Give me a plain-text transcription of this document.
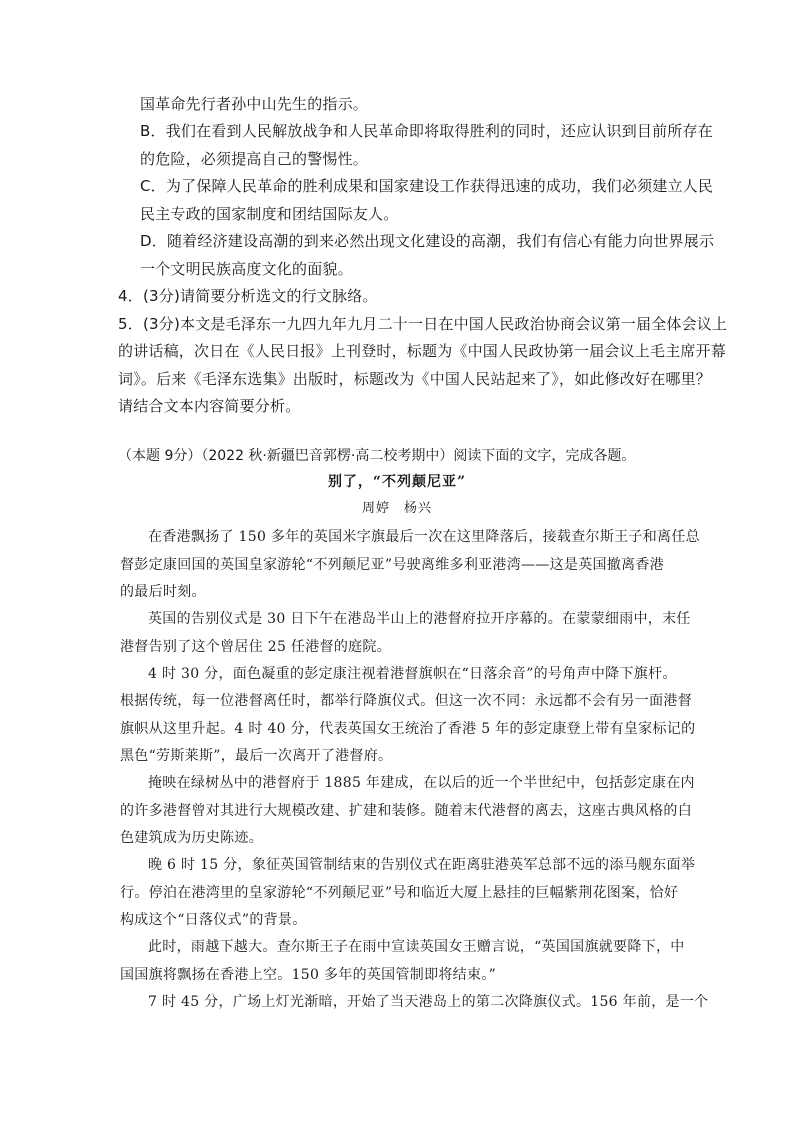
国革命先行者孙中山先生的指示。

B．我们在看到人民解放战争和人民革命即将取得胜利的同时，还应认识到目前所存在

的危险，必须提高自己的警惕性。

C．为了保障人民革命的胜利成果和国家建设工作获得迅速的成功，我们必须建立人民

民主专政的国家制度和团结国际友人。

D．随着经济建设高潮的到来必然出现文化建设的高潮，我们有信心有能力向世界展示

一个文明民族高度文化的面貌。

4．(3分)请简要分析选文的行文脉络。

5．(3分)本文是毛泽东一九四九年九月二十一日在中国人民政治协商会议第一届全体会议上

的讲话稿，次日在《人民日报》上刊登时，标题为《中国人民政协第一届会议上毛主席开幕

词》。后来《毛泽东选集》出版时，标题改为《中国人民站起来了》，如此修改好在哪里？

请结合文本内容简要分析。

（本题 9分）（2022 秋·新疆巴音郭楞·高二校考期中）阅读下面的文字，完成各题。

别了，“不列颠尼亚”

周婷　杨兴

在香港飘扬了 150 多年的英国米字旗最后一次在这里降落后，接载查尔斯王子和离任总

督彭定康回国的英国皇家游轮“不列颠尼亚”号驶离维多利亚港湾——这是英国撤离香港

的最后时刻。

英国的告别仪式是 30 日下午在港岛半山上的港督府拉开序幕的。在蒙蒙细雨中，末任

港督告别了这个曾居住 25 任港督的庭院。

4 时 30 分，面色凝重的彭定康注视着港督旗帜在“日落余音”的号角声中降下旗杆。

根据传统，每一位港督离任时，都举行降旗仪式。但这一次不同：永远都不会有另一面港督

旗帜从这里升起。4 时 40 分，代表英国女王统治了香港 5 年的彭定康登上带有皇家标记的

黑色“劳斯莱斯”，最后一次离开了港督府。

掩映在绿树丛中的港督府于 1885 年建成，在以后的近一个半世纪中，包括彭定康在内

的许多港督曾对其进行大规模改建、扩建和装修。随着末代港督的离去，这座古典风格的白

色建筑成为历史陈迹。

晚 6 时 15 分，象征英国管制结束的告别仪式在距离驻港英军总部不远的添马舰东面举

行。停泊在港湾里的皇家游轮“不列颠尼亚”号和临近大厦上悬挂的巨幅紫荆花图案，恰好

构成这个“日落仪式”的背景。

此时，雨越下越大。查尔斯王子在雨中宣读英国女王赠言说，“英国国旗就要降下，中

国国旗将飘扬在香港上空。150 多年的英国管制即将结束。”

7 时 45 分，广场上灯光渐暗，开始了当天港岛上的第二次降旗仪式。156 年前，是一个
